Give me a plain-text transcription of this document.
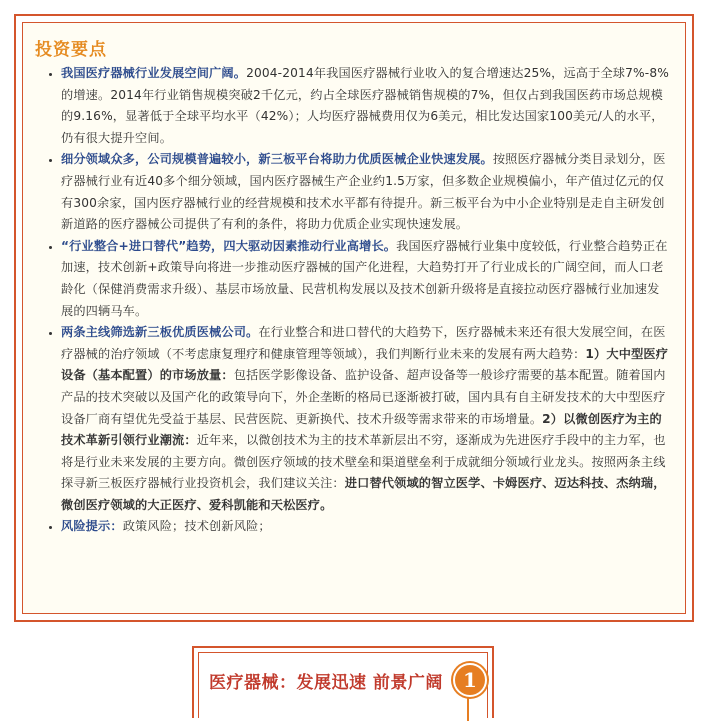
投资要点
• 我国医疗器械行业发展空间广阔。2004-2014年我国医疗器械行业收入的复合增速达25%，远高于全球7%-8%的增速。2014年行业销售规模突破2千亿元，约占全球医疗器械销售规模的7%，但仅占到我国医药市场总规模的9.16%，显著低于全球平均水平（42%）；人均医疗器械费用仅为6美元，相比发达国家100美元/人的水平，仍有很大提升空间。
• 细分领域众多，公司规模普遍较小，新三板平台将助力优质医械企业快速发展。按照医疗器械分类目录划分，医疗器械行业有近40多个细分领域，国内医疗器械生产企业约1.5万家，但多数企业规模偏小，年产值过亿元的仅有300余家，国内医疗器械行业的经营规模和技术水平都有待提升。新三板平台为中小企业特别是走自主研发创新道路的医疗器械公司提供了有利的条件，将助力优质企业实现快速发展。
• “行业整合+进口替代”趋势，四大驱动因素推动行业高增长。我国医疗器械行业集中度较低，行业整合趋势正在加速，技术创新+政策导向将进一步推动医疗器械的国产化进程，大趋势打开了行业成长的广阔空间，而人口老龄化（保健消费需求升级）、基层市场放量、民营机构发展以及技术创新升级将是直接拉动医疗器械行业加速发展的四辆马车。
• 两条主线筛选新三板优质医械公司。在行业整合和进口替代的大趋势下，医疗器械未来还有很大发展空间，在医疗器械的治疗领域（不考虑康复理疗和健康管理等领域），我们判断行业未来的发展有两大趋势：1）大中型医疗设备（基本配置）的市场放量：包括医学影像设备、监护设备、超声设备等一般诊疗需要的基本配置。随着国内产品的技术突破以及国产化的政策导向下，外企垄断的格局已逐渐被打破，国内具有自主研发技术的大中型医疗设备厂商有望优先受益于基层、民营医院、更新换代、技术升级等需求带来的市场增量。2）以微创医疗为主的技术革新引领行业潮流：近年来，以微创技术为主的技术革新层出不穷，逐渐成为先进医疗手段中的主力军，也将是行业未来发展的主要方向。微创医疗领域的技术壁垒和渠道壁垒利于成就细分领域行业龙头。按照两条主线探寻新三板医疗器械行业投资机会，我们建议关注：进口替代领域的智立医学、卡姆医疗、迈达科技、杰纳瑞，微创医疗领域的大正医疗、爱科凯能和天松医疗。
• 风险提示：政策风险；技术创新风险；
医疗器械：发展迅速 前景广阔	1
